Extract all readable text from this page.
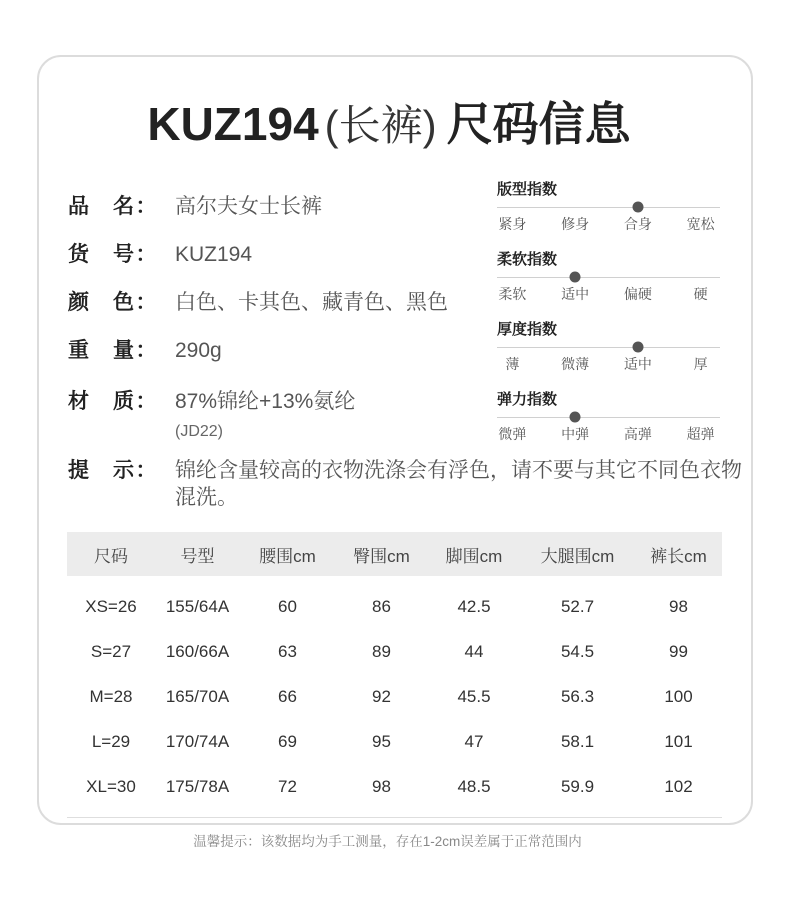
KUZ194 (长裤) 尺码信息
品　名： 高尔夫女士长裤
货　号： KUZ194
颜　色： 白色、卡其色、藏青色、黑色
重　量： 290g
材　质： 87%锦纶+13%氨纶
(JD22)
提　示： 锦纶含量较高的衣物洗涤会有浮色，请不要与其它不同色衣物混洗。
版型指数
紧身	修身	合身	宽松
柔软指数
柔软	适中	偏硬	硬
厚度指数
薄	微薄	适中	厚
弹力指数
微弹	中弹	高弹	超弹
尺码	号型	腰围cm	臀围cm	脚围cm	大腿围cm	裤长cm
XS=26	155/64A	60	86	42.5	52.7	98
S=27	160/66A	63	89	44	54.5	99
M=28	165/70A	66	92	45.5	56.3	100
L=29	170/74A	69	95	47	58.1	101
XL=30	175/78A	72	98	48.5	59.9	102
温馨提示：该数据均为手工测量，存在1-2cm误差属于正常范围内
